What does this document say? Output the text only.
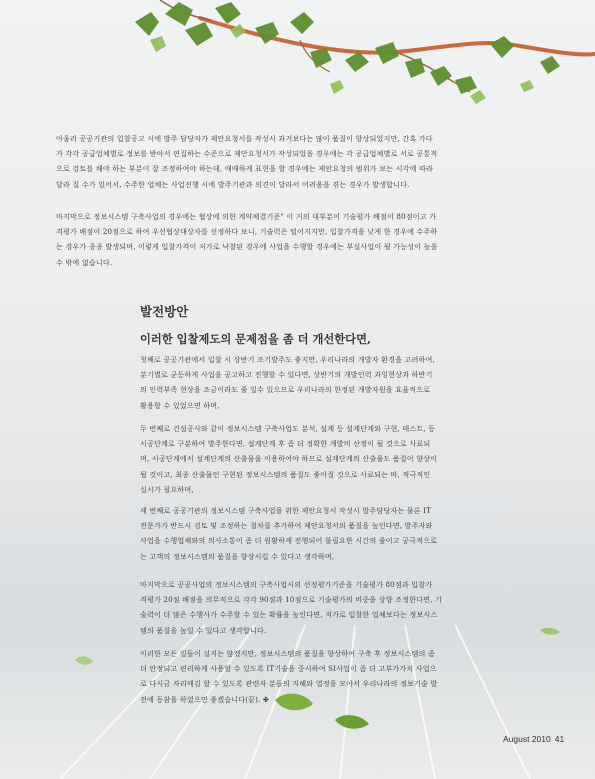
아울러 공공기관의 입찰공고 시에 발주 담당자가 제안요청서를 작성시 과거보다는 많이 품질이 향상되었지만, 간혹 가다
가 각각 공급업체별로 정보를 받아서 편집하는 수준으로 제안요청서가 작성되었을 경우에는 각 공급업체별로 서로 공통적
으로 검토를 해야 하는 부분이 잘 조정하여야 하는데, 애매하게 표현을 할 경우에는 제안요청의 범위가 보는 시각에 따라
달라 질 수가 있어서, 수주한 업체는 사업진행 시에 발주기관과 의견이 달라서 어려움을 겪는 경우가 발생합니다.

마지막으로 정보시스템 구축사업의 경우에는 협상에 의한 계약체결기준" 이 거의 대부분이 기술평가 배점이 80점이고 가
격평가 배점이 20점으로 하여 우선협상대상자를 선정하다 보니, 기술력은 떨어지지만, 입찰가격을 낮게 한 경우에 수주하
는 경우가 종종 발생되며, 이렇게 입찰가격이 저가로 낙찰된 경우에 사업을 수행할 경우에는 부실사업이 될 가능성이 높을
수 밖에 없습니다.

발전방안
이러한 입찰제도의 문제점을 좀 더 개선한다면,

첫째로 공공기관에서 입찰 시 상반기 조기발주도 좋지만, 우리나라의 개발자 환경을 고려하여,
분기별로 균등하게 사업을 공고하고 진행할 수 있다면, 상반기의 개발인력 과잉현상과 하반기
의 인력부족 현상을 조금이라도 줄 일수 있으므로 우리나라의 한정된 개발자원을 효율적으로
활용할 수 있었으면 하며,

두 번째로 건설공사와 같이 정보시스템 구축사업도 분석, 설계 등 설계단계와 구현, 테스트, 등
시공단계로 구분하여 발주한다면, 설계단계 후 좀 더 정확한 개발비 산정이 될 것으로 사료되
며, 시공단계에서 설계단계의 산출물을 이용하여야 하므로 설계단계의 산출물도 품질이 향상이
될 것이고, 최종 산출물인 구현된 정보시스템의 품질도 좋아질 것으로 사료되는 바, 적극적인
실시가 필요하며,

세 번째로 공공기관의 정보시스템 구축사업을 위한 제안요청서 작성시 발주담당자는 물론 IT
전문가가 반드시 검토 및 조정하는 절차를 추가하여 제안요청서의 품질을 높인다면, 발주자와
사업을 수행업체와의 의사소통이 좀 더 원활하게 진행되어 불필요한 시간의 줄이고 궁극적으로
는 고객의 정보시스템의 품질을 향상시킬 수 있다고 생각하며,

마지막으로 공공사업의 정보시스템의 구축사업시의 선정평가기준을 기술평가 80점과 입찰가
격평가 20점 배점을 의무적으로 각각 90점과 10점으로 기술평가의 비중을 상향 조정한다면, 기
술력이 더 많은 수행사가 수주할 수 있는 확률을 높인다면, 저가로 입찰한 업체보다는 정보시스
템의 품질을 높일 수 있다고 생각합니다.

이러한 모든 일들이 실지는 않겠지만, 정보시스템의 품질을 향상하여 구축 후 정보시스템의 좀
더 안정되고 편리하게 사용할 수 있도록 IT기술을 중시하여 SI사업이 좀 더 고부가가치 사업으
로 다시금 자리매김 할 수 있도록 관련자 분들의 지혜와 열정을 모아서 우리나라의 정보기술 발
전에 동참을 하였으면 좋겠습니다(끝). ✤

August 2010 41
